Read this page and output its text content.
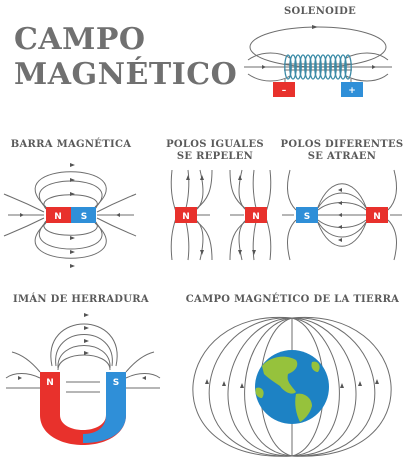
CAMPO
MAGNÉTICO
SOLENOIDE
BARRA MAGNÉTICA	POLOS IGUALES
SE REPELEN
POLOS DIFERENTES
SE ATRAEN
IMÁN DE HERRADURA	CAMPO MAGNÉTICO DE LA TIERRA
–	+
N S	N	N	S	N
N	S
